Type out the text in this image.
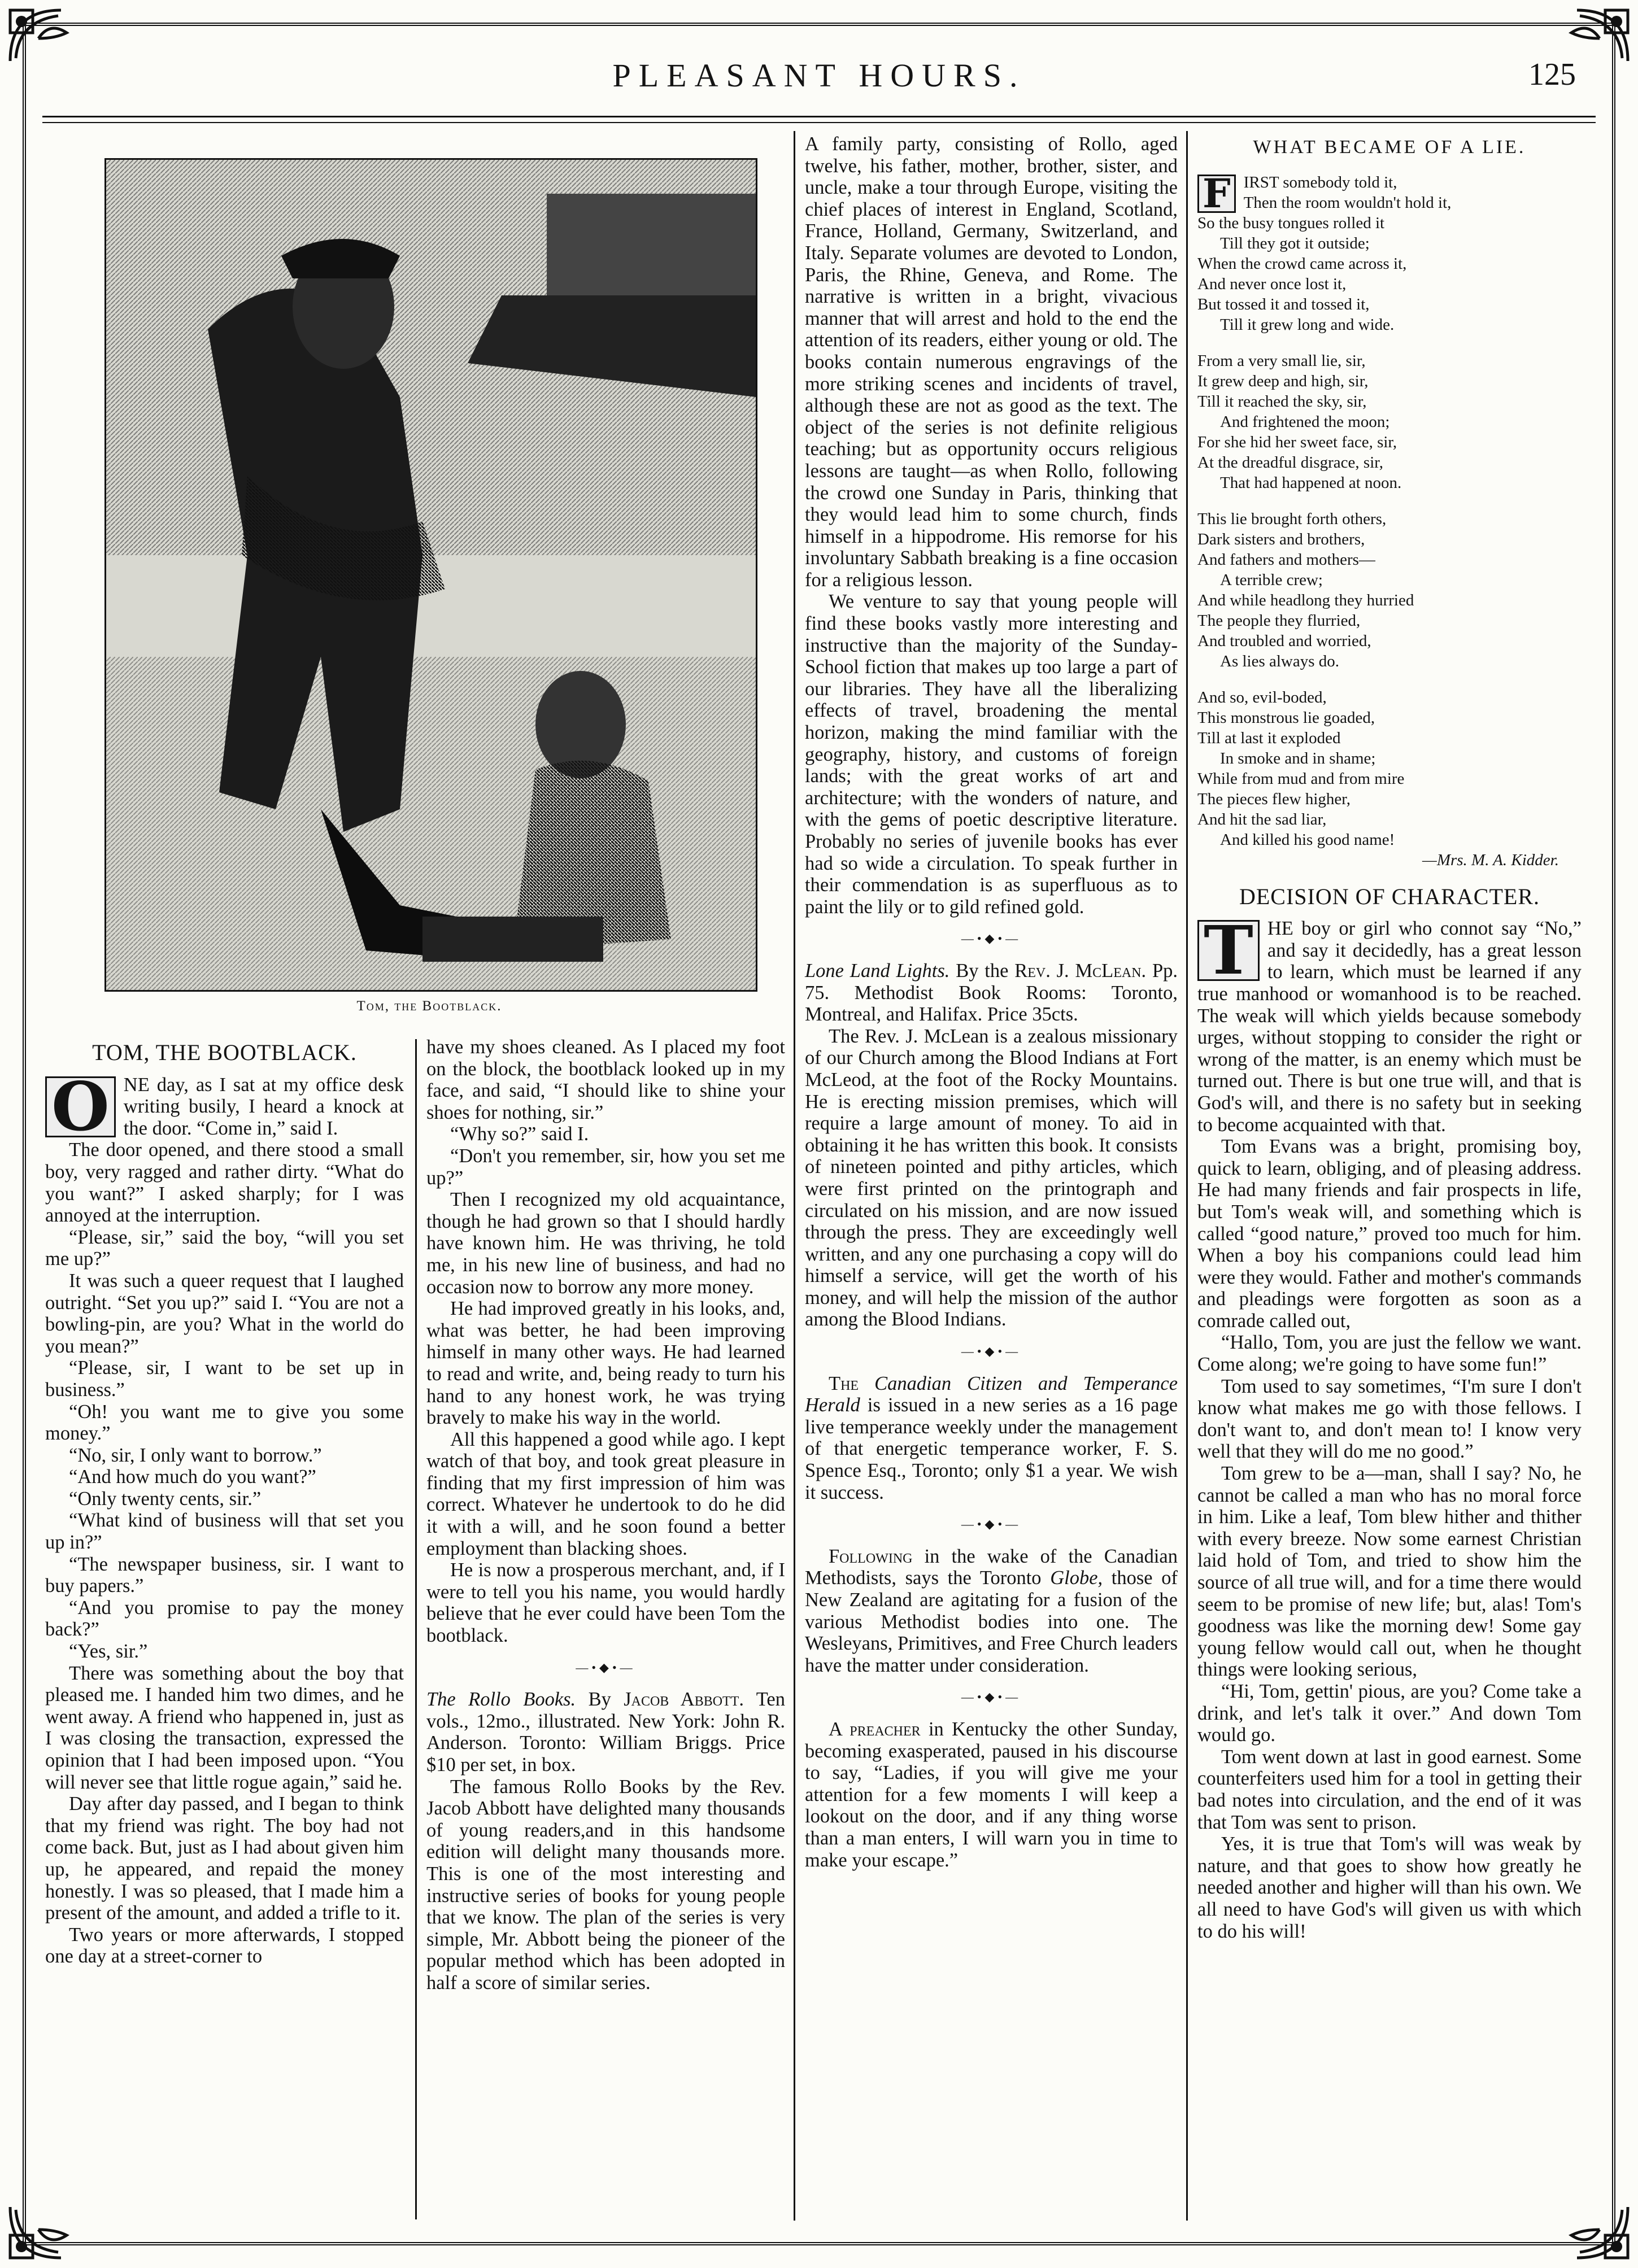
PLEASANT HOURS.	125
Tom, the Bootblack.
TOM, THE BOOTBLACK.

O NE day, as I sat at my office desk writing busily, I heard a knock at the door. “Come in,” said I.

The door opened, and there stood a small boy, very ragged and rather dirty. “What do you want?” I asked sharply; for I was annoyed at the interruption.

“Please, sir,” said the boy, “will you set me up?”

It was such a queer request that I laughed outright. “Set you up?” said I. “You are not a bowling-pin, are you? What in the world do you mean?”

“Please, sir, I want to be set up in business.”

“Oh! you want me to give you some money.”

“No, sir, I only want to borrow.”

“And how much do you want?”

“Only twenty cents, sir.”

“What kind of business will that set you up in?”

“The newspaper business, sir. I want to buy papers.”

“And you promise to pay the money back?”

“Yes, sir.”

There was something about the boy that pleased me. I handed him two dimes, and he went away. A friend who happened in, just as I was closing the transaction, expressed the opinion that I had been imposed upon. “You will never see that little rogue again,” said he.

Day after day passed, and I began to think that my friend was right. The boy had not come back. But, just as I had about given him up, he appeared, and repaid the money honestly. I was so pleased, that I made him a present of the amount, and added a trifle to it.

Two years or more afterwards, I stopped one day at a street-corner to

have my shoes cleaned. As I placed my foot on the block, the bootblack looked up in my face, and said, “I should like to shine your shoes for nothing, sir.”

“Why so?” said I.

“Don't you remember, sir, how you set me up?”

Then I recognized my old acquaintance, though he had grown so that I should hardly have known him. He was thriving, he told me, in his new line of business, and had no occasion now to borrow any more money.

He had improved greatly in his looks, and, what was better, he had been improving himself in many other ways. He had learned to read and write, and, being ready to turn his hand to any honest work, he was trying bravely to make his way in the world.

All this happened a good while ago. I kept watch of that boy, and took great pleasure in finding that my first impression of him was correct. Whatever he undertook to do he did it with a will, and he soon found a better employment than blacking shoes.

He is now a prosperous merchant, and, if I were to tell you his name, you would hardly believe that he ever could have been Tom the bootblack.

—•◆•—

The Rollo Books. By Jacob Abbott. Ten vols., 12mo., illustrated. New York: John R. Anderson. Toronto: William Briggs. Price $10 per set, in box.

The famous Rollo Books by the Rev. Jacob Abbott have delighted many thousands of young readers,and in this handsome edition will delight many thousands more. This is one of the most interesting and instructive series of books for young people that we know. The plan of the series is very simple, Mr. Abbott being the pioneer of the popular method which has been adopted in half a score of similar series.

A family party, consisting of Rollo, aged twelve, his father, mother, brother, sister, and uncle, make a tour through Europe, visiting the chief places of interest in England, Scotland, France, Holland, Germany, Switzerland, and Italy. Separate volumes are devoted to London, Paris, the Rhine, Geneva, and Rome. The narrative is written in a bright, vivacious manner that will arrest and hold to the end the attention of its readers, either young or old. The books contain numerous engravings of the more striking scenes and incidents of travel, although these are not as good as the text. The object of the series is not definite religious teaching; but as opportunity occurs religious lessons are taught—as when Rollo, following the crowd one Sunday in Paris, thinking that they would lead him to some church, finds himself in a hippodrome. His remorse for his involuntary Sabbath breaking is a fine occasion for a religious lesson.

We venture to say that young people will find these books vastly more interesting and instructive than the majority of the Sunday-School fiction that makes up too large a part of our libraries. They have all the liberalizing effects of travel, broadening the mental horizon, making the mind familiar with the geography, history, and customs of foreign lands; with the great works of art and architecture; with the wonders of nature, and with the gems of poetic descriptive literature. Probably no series of juvenile books has ever had so wide a circulation. To speak further in their commendation is as superfluous as to paint the lily or to gild refined gold.

—•◆•—

Lone Land Lights. By the Rev. J. McLean. Pp. 75. Methodist Book Rooms: Toronto, Montreal, and Halifax. Price 35cts.

The Rev. J. McLean is a zealous missionary of our Church among the Blood Indians at Fort McLeod, at the foot of the Rocky Mountains. He is erecting mission premises, which will require a large amount of money. To aid in obtaining it he has written this book. It consists of nineteen pointed and pithy articles, which were first printed on the printograph and circulated on his mission, and are now issued through the press. They are exceedingly well written, and any one purchasing a copy will do himself a service, will get the worth of his money, and will help the mission of the author among the Blood Indians.

—•◆•—

The Canadian Citizen and Temperance Herald is issued in a new series as a 16 page live temperance weekly under the management of that energetic temperance worker, F. S. Spence Esq., Toronto; only $1 a year. We wish it success.

—•◆•—

Following in the wake of the Canadian Methodists, says the Toronto Globe, those of New Zealand are agitating for a fusion of the various Methodist bodies into one. The Wesleyans, Primitives, and Free Church leaders have the matter under consideration.

—•◆•—

A preacher in Kentucky the other Sunday, becoming exasperated, paused in his discourse to say, “Ladies, if you will give me your attention for a few moments I will keep a lookout on the door, and if any thing worse than a man enters, I will warn you in time to make your escape.”

WHAT BECAME OF A LIE.
F IRST somebody told it,
Then the room wouldn't hold it,
So the busy tongues rolled it
Till they got it outside;
When the crowd came across it,
And never once lost it,
But tossed it and tossed it,
Till it grew long and wide.
From a very small lie, sir,
It grew deep and high, sir,
Till it reached the sky, sir,
And frightened the moon;
For she hid her sweet face, sir,
At the dreadful disgrace, sir,
That had happened at noon.
This lie brought forth others,
Dark sisters and brothers,
And fathers and mothers—
A terrible crew;
And while headlong they hurried
The people they flurried,
And troubled and worried,
As lies always do.
And so, evil-boded,
This monstrous lie goaded,
Till at last it exploded
In smoke and in shame;
While from mud and from mire
The pieces flew higher,
And hit the sad liar,
And killed his good name!
—Mrs. M. A. Kidder.
DECISION OF CHARACTER.

T HE boy or girl who connot say “No,” and say it decidedly, has a great lesson to learn, which must be learned if any true manhood or womanhood is to be reached. The weak will which yields because somebody urges, without stopping to consider the right or wrong of the matter, is an enemy which must be turned out. There is but one true will, and that is God's will, and there is no safety but in seeking to become acquainted with that.

Tom Evans was a bright, promising boy, quick to learn, obliging, and of pleasing address. He had many friends and fair prospects in life, but Tom's weak will, and something which is called “good nature,” proved too much for him. When a boy his companions could lead him were they would. Father and mother's commands and pleadings were forgotten as soon as a comrade called out,

“Hallo, Tom, you are just the fellow we want. Come along; we're going to have some fun!”

Tom used to say sometimes, “I'm sure I don't know what makes me go with those fellows. I don't want to, and don't mean to! I know very well that they will do me no good.”

Tom grew to be a—man, shall I say? No, he cannot be called a man who has no moral force in him. Like a leaf, Tom blew hither and thither with every breeze. Now some earnest Christian laid hold of Tom, and tried to show him the source of all true will, and for a time there would seem to be promise of new life; but, alas! Tom's goodness was like the morning dew! Some gay young fellow would call out, when he thought things were looking serious,

“Hi, Tom, gettin' pious, are you? Come take a drink, and let's talk it over.” And down Tom would go.

Tom went down at last in good earnest. Some counterfeiters used him for a tool in getting their bad notes into circulation, and the end of it was that Tom was sent to prison.

Yes, it is true that Tom's will was weak by nature, and that goes to show how greatly he needed another and higher will than his own. We all need to have God's will given us with which to do his will!
